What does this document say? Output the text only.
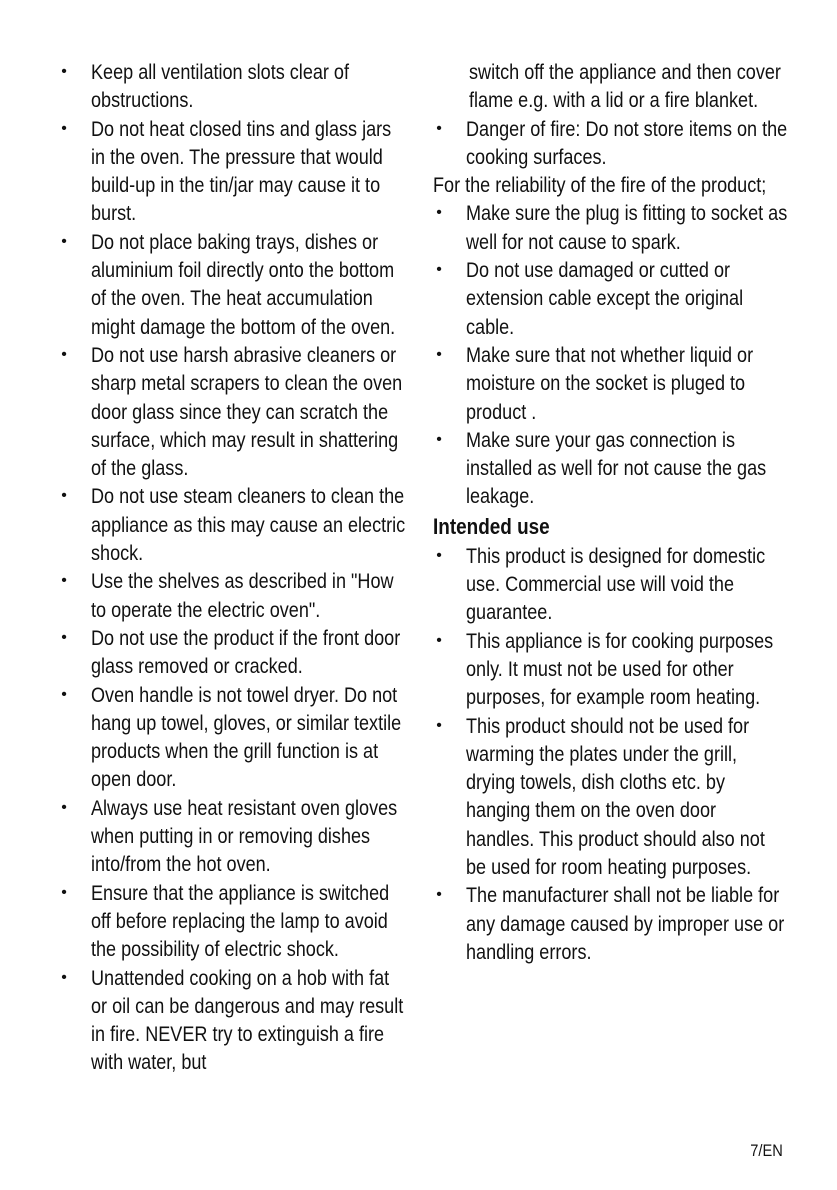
• Keep all ventilation slots clear of obstructions.
• Do not heat closed tins and glass jars in the oven. The pressure that would build-up in the tin/jar may cause it to burst.
• Do not place baking trays, dishes or aluminium foil directly onto the bottom of the oven. The heat accumulation might damage the bottom of the oven.
• Do not use harsh abrasive cleaners or sharp metal scrapers to clean the oven door glass since they can scratch the surface, which may result in shattering of the glass.
• Do not use steam cleaners to clean the appliance as this may cause an electric shock.
• Use the shelves as described in "How to operate the electric oven".
• Do not use the product if the front door glass removed or cracked.
• Oven handle is not towel dryer. Do not hang up towel, gloves, or similar textile products when the grill function is at open door.
• Always use heat resistant oven gloves when putting in or removing dishes into/from the hot oven.
• Ensure that the appliance is switched off before replacing the lamp to avoid the possibility of electric shock.
• Unattended cooking on a hob with fat or oil can be dangerous and may result in fire. NEVER try to extinguish a fire with water, but

switch off the appliance and then cover flame e.g. with a lid or a fire blanket.

• Danger of fire: Do not store items on the cooking surfaces.

For the reliability of the fire of the product;

• Make sure the plug is fitting to socket as well for not cause to spark.
• Do not use damaged or cutted or extension cable except the original cable.
• Make sure that not whether liquid or moisture on the socket is pluged to product .
• Make sure your gas connection is installed as well for not cause the gas leakage.
Intended use
• This product is designed for domestic use. Commercial use will void the guarantee.
• This appliance is for cooking purposes only. It must not be used for other purposes, for example room heating.
• This product should not be used for warming the plates under the grill, drying towels, dish cloths etc. by hanging them on the oven door handles. This product should also not be used for room heating purposes.
• The manufacturer shall not be liable for any damage caused by improper use or handling errors.
7/EN
